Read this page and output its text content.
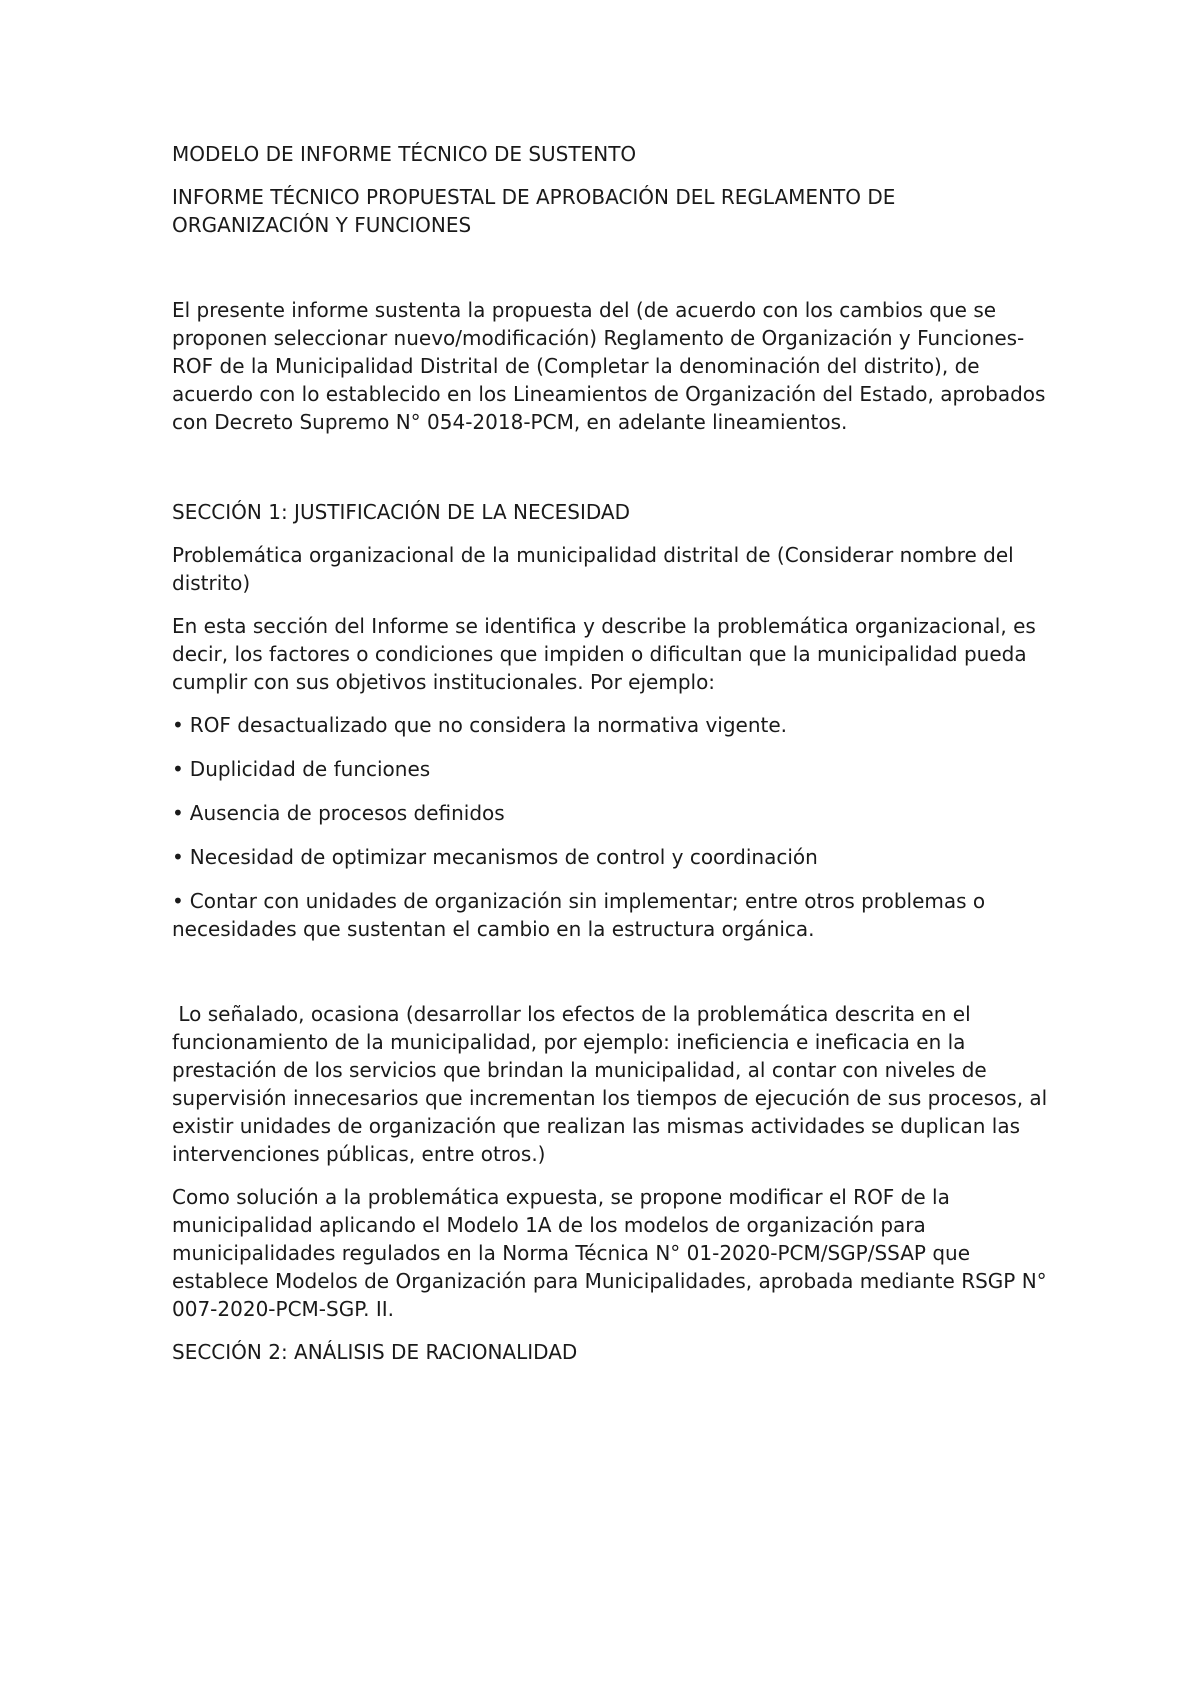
MODELO DE INFORME TÉCNICO DE SUSTENTO

INFORME TÉCNICO PROPUESTAL DE APROBACIÓN DEL REGLAMENTO DE ORGANIZACIÓN Y FUNCIONES

El presente informe sustenta la propuesta del (de acuerdo con los cambios que se proponen seleccionar nuevo/modificación) Reglamento de Organización y Funciones-ROF de la Municipalidad Distrital de (Completar la denominación del distrito), de acuerdo con lo establecido en los Lineamientos de Organización del Estado, aprobados con Decreto Supremo N° 054-2018-PCM, en adelante lineamientos.

SECCIÓN 1: JUSTIFICACIÓN DE LA NECESIDAD

Problemática organizacional de la municipalidad distrital de (Considerar nombre del distrito)

En esta sección del Informe se identifica y describe la problemática organizacional, es decir, los factores o condiciones que impiden o dificultan que la municipalidad pueda cumplir con sus objetivos institucionales. Por ejemplo:

• ROF desactualizado que no considera la normativa vigente.
• Duplicidad de funciones
• Ausencia de procesos definidos
• Necesidad de optimizar mecanismos de control y coordinación
• Contar con unidades de organización sin implementar; entre otros problemas o necesidades que sustentan el cambio en la estructura orgánica.

Lo señalado, ocasiona (desarrollar los efectos de la problemática descrita en el funcionamiento de la municipalidad, por ejemplo: ineficiencia e ineficacia en la prestación de los servicios que brindan la municipalidad, al contar con niveles de supervisión innecesarios que incrementan los tiempos de ejecución de sus procesos, al existir unidades de organización que realizan las mismas actividades se duplican las intervenciones públicas, entre otros.)

Como solución a la problemática expuesta, se propone modificar el ROF de la municipalidad aplicando el Modelo 1A de los modelos de organización para municipalidades regulados en la Norma Técnica N° 01-2020-PCM/SGP/SSAP que establece Modelos de Organización para Municipalidades, aprobada mediante RSGP N° 007-2020-PCM-SGP. II.

SECCIÓN 2: ANÁLISIS DE RACIONALIDAD
